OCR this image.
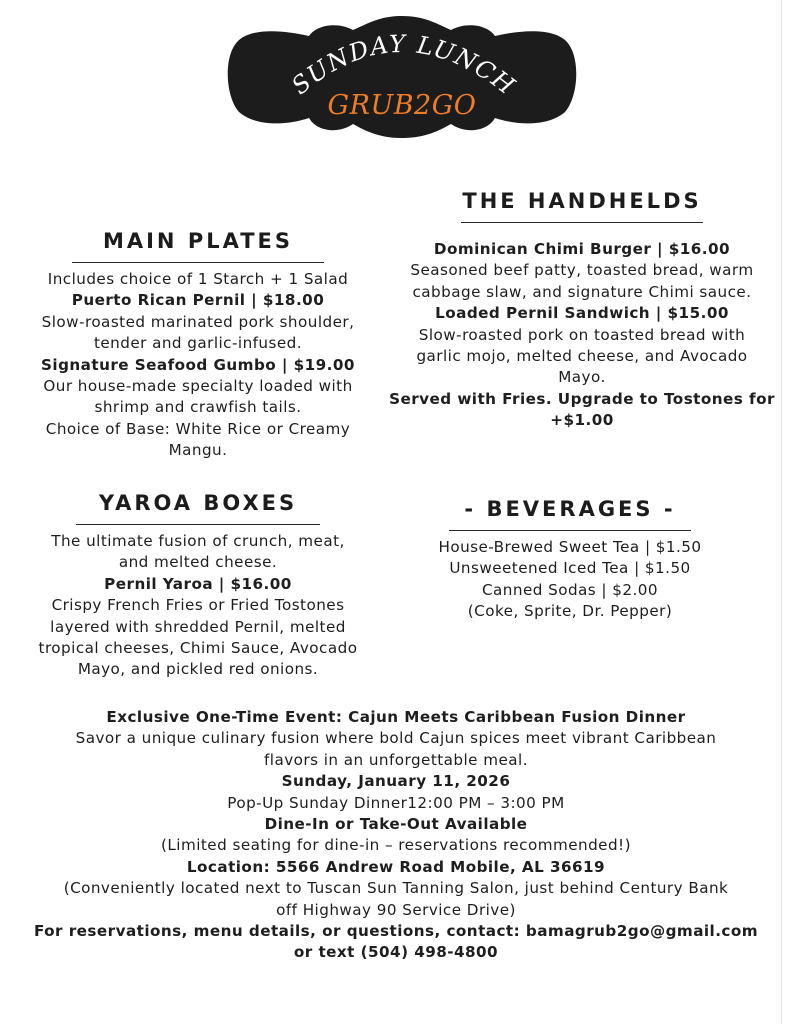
SUNDAY LUNCH
GRUB2GO
MAIN PLATES

Includes choice of 1 Starch + 1 Salad

Puerto Rican Pernil | $18.00

Slow-roasted marinated pork shoulder,

tender and garlic-infused.

Signature Seafood Gumbo | $19.00

Our house-made specialty loaded with

shrimp and crawfish tails.

Choice of Base: White Rice or Creamy

Mangu.

THE HANDHELDS

Dominican Chimi Burger | $16.00

Seasoned beef patty, toasted bread, warm

cabbage slaw, and signature Chimi sauce.

Loaded Pernil Sandwich | $15.00

Slow-roasted pork on toasted bread with

garlic mojo, melted cheese, and Avocado

Mayo.

Served with Fries. Upgrade to Tostones for

+$1.00

YAROA BOXES

The ultimate fusion of crunch, meat,

and melted cheese.

Pernil Yaroa | $16.00

Crispy French Fries or Fried Tostones

layered with shredded Pernil, melted

tropical cheeses, Chimi Sauce, Avocado

Mayo, and pickled red onions.

- BEVERAGES -

House-Brewed Sweet Tea | $1.50

Unsweetened Iced Tea | $1.50

Canned Sodas | $2.00

(Coke, Sprite, Dr. Pepper)

Exclusive One-Time Event: Cajun Meets Caribbean Fusion Dinner

Savor a unique culinary fusion where bold Cajun spices meet vibrant Caribbean

flavors in an unforgettable meal.

Sunday, January 11, 2026

Pop-Up Sunday Dinner12:00 PM – 3:00 PM

Dine-In or Take-Out Available

(Limited seating for dine-in – reservations recommended!)

Location: 5566 Andrew Road Mobile, AL 36619

(Conveniently located next to Tuscan Sun Tanning Salon, just behind Century Bank

off Highway 90 Service Drive)

For reservations, menu details, or questions, contact: bamagrub2go@gmail.com

or text (504) 498-4800
